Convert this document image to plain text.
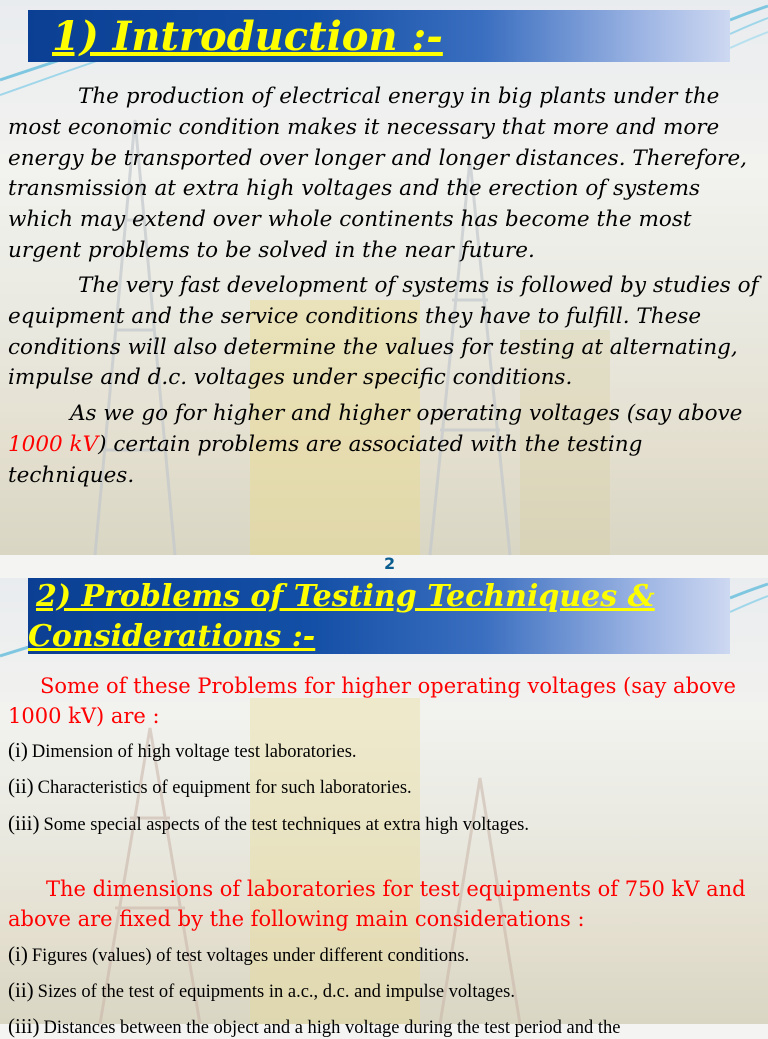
1) Introduction :-

The production of electrical energy in big plants under the most economic condition makes it necessary that more and more energy be transported over longer and longer distances. Therefore, transmission at extra high voltages and the erection of systems which may extend over whole continents has become the most urgent problems to be solved in the near future.

The very fast development of systems is followed by studies of equipment and the service conditions they have to fulfill. These conditions will also determine the values for testing at alternating, impulse and d.c. voltages under specific conditions.

As we go for higher and higher operating voltages (say above 1000 kV) certain problems are associated with the testing techniques.

2

2) Problems of Testing Techniques &
Considerations :-

Some of these Problems for higher operating voltages (say above 1000 kV) are :

(i) Dimension of high voltage test laboratories.

(ii) Characteristics of equipment for such laboratories.

(iii) Some special aspects of the test techniques at extra high voltages.

The dimensions of laboratories for test equipments of 750 kV and above are fixed by the following main considerations :

(i) Figures (values) of test voltages under different conditions.

(ii) Sizes of the test of equipments in a.c., d.c. and impulse voltages.

(iii) Distances between the object and a high voltage during the test period and the
